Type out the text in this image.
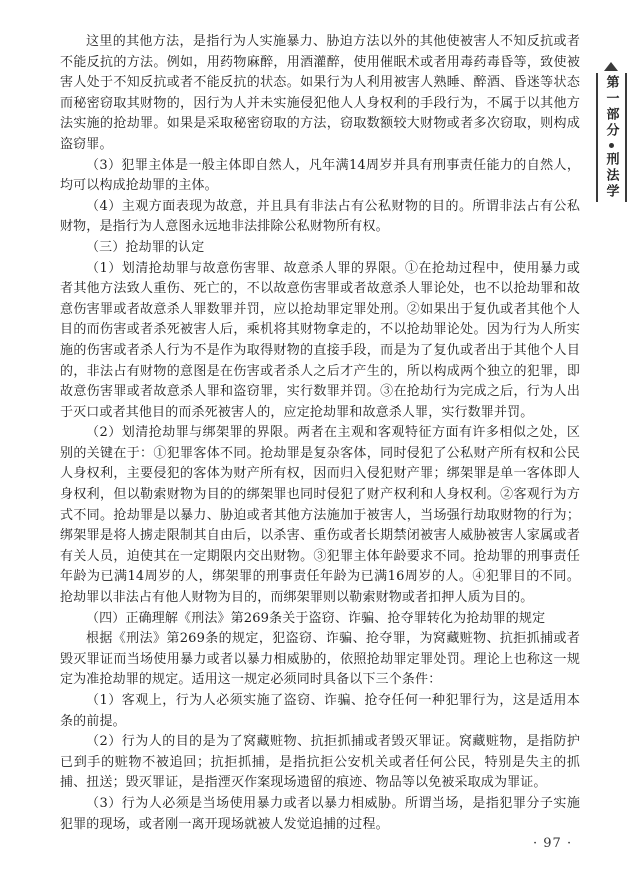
第一部分
刑法学

这里的其他方法，是指行为人实施暴力、胁迫方法以外的其他使被害人不知反抗或者不能反抗的方法。例如，用药物麻醉，用酒灌醉，使用催眠术或者用毒药毒昏等，致使被害人处于不知反抗或者不能反抗的状态。如果行为人利用被害人熟睡、醉酒、昏迷等状态而秘密窃取其财物的，因行为人并未实施侵犯他人人身权利的手段行为，不属于以其他方法实施的抢劫罪。如果是采取秘密窃取的方法，窃取数额较大财物或者多次窃取，则构成盗窃罪。

（3）犯罪主体是一般主体即自然人，凡年满14周岁并具有刑事责任能力的自然人，均可以构成抢劫罪的主体。

（4）主观方面表现为故意，并且具有非法占有公私财物的目的。所谓非法占有公私财物，是指行为人意图永远地非法排除公私财物所有权。

（三）抢劫罪的认定

（1）划清抢劫罪与故意伤害罪、故意杀人罪的界限。①在抢劫过程中，使用暴力或者其他方法致人重伤、死亡的，不以故意伤害罪或者故意杀人罪论处，也不以抢劫罪和故意伤害罪或者故意杀人罪数罪并罚，应以抢劫罪定罪处刑。②如果出于复仇或者其他个人目的而伤害或者杀死被害人后，乘机将其财物拿走的，不以抢劫罪论处。因为行为人所实施的伤害或者杀人行为不是作为取得财物的直接手段，而是为了复仇或者出于其他个人目的，非法占有财物的意图是在伤害或者杀人之后才产生的，所以构成两个独立的犯罪，即故意伤害罪或者故意杀人罪和盗窃罪，实行数罪并罚。③在抢劫行为完成之后，行为人出于灭口或者其他目的而杀死被害人的，应定抢劫罪和故意杀人罪，实行数罪并罚。

（2）划清抢劫罪与绑架罪的界限。两者在主观和客观特征方面有许多相似之处，区别的关键在于：①犯罪客体不同。抢劫罪是复杂客体，同时侵犯了公私财产所有权和公民人身权利，主要侵犯的客体为财产所有权，因而归入侵犯财产罪；绑架罪是单一客体即人身权利，但以勒索财物为目的的绑架罪也同时侵犯了财产权利和人身权利。②客观行为方式不同。抢劫罪是以暴力、胁迫或者其他方法施加于被害人，当场强行劫取财物的行为；绑架罪是将人掳走限制其自由后，以杀害、重伤或者长期禁闭被害人威胁被害人家属或者有关人员，迫使其在一定期限内交出财物。③犯罪主体年龄要求不同。抢劫罪的刑事责任年龄为已满14周岁的人，绑架罪的刑事责任年龄为已满16周岁的人。④犯罪目的不同。抢劫罪以非法占有他人财物为目的，而绑架罪则以勒索财物或者扣押人质为目的。

（四）正确理解《刑法》第269条关于盗窃、诈骗、抢夺罪转化为抢劫罪的规定

根据《刑法》第269条的规定，犯盗窃、诈骗、抢夺罪，为窝藏赃物、抗拒抓捕或者毁灭罪证而当场使用暴力或者以暴力相威胁的，依照抢劫罪定罪处罚。理论上也称这一规定为准抢劫罪的规定。适用这一规定必须同时具备以下三个条件：

（1）客观上，行为人必须实施了盗窃、诈骗、抢夺任何一种犯罪行为，这是适用本条的前提。

（2）行为人的目的是为了窝藏赃物、抗拒抓捕或者毁灭罪证。窝藏赃物，是指防护已到手的赃物不被追回；抗拒抓捕，是指抗拒公安机关或者任何公民，特别是失主的抓捕、扭送；毁灭罪证，是指湮灭作案现场遗留的痕迹、物品等以免被采取成为罪证。

（3）行为人必须是当场使用暴力或者以暴力相威胁。所谓当场，是指犯罪分子实施犯罪的现场，或者刚一离开现场就被人发觉追捕的过程。

· 97 ·
